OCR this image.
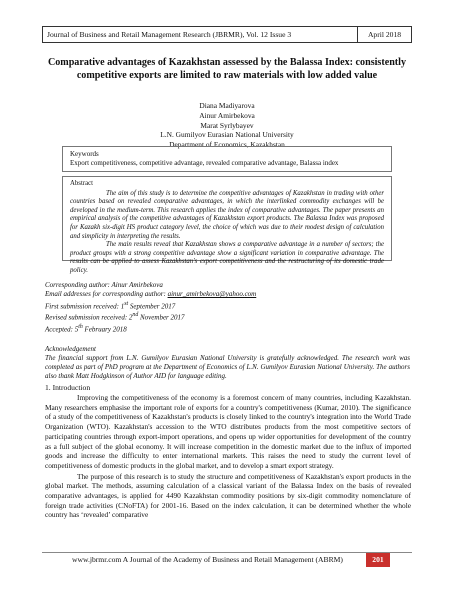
Journal of Business and Retail Management Research (JBRMR), Vol. 12 Issue 3	April 2018
Comparative advantages of Kazakhstan assessed by the Balassa Index: consistently competitive exports are limited to raw materials with low added value
Diana Madiyarova
Ainur Amirbekova
Marat Syrlybayev
L.N. Gumilyov Eurasian National University
Department of Economics, Kazakhstan
Keywords
Export competitiveness, competitive advantage, revealed comparative advantage, Balassa index
Abstract

The aim of this study is to determine the competitive advantages of Kazakhstan in trading with other countries based on revealed comparative advantages, in which the interlinked commodity exchanges will be developed in the medium-term. This research applies the index of comparative advantages. The paper presents an empirical analysis of the competitive advantages of Kazakhstan export products. The Balassa Index was proposed for Kazakh six-digit HS product category level, the choice of which was due to their modest design of calculation and simplicity in interpreting the results.

The main results reveal that Kazakhstan shows a comparative advantage in a number of sectors; the product groups with a strong competitive advantage show a significant variation in comparative advantage. The results can be applied to assess Kazakhstan's export competitiveness and the restructuring of its domestic trade policy.

Corresponding author: Ainur Amirbekova
Email addresses for corresponding author: ainur_amirbekova@yahoo.com
First submission received: 1st September 2017
Revised submission received: 2nd November 2017
Accepted: 5th February 2018
Acknowledgement
The financial support from L.N. Gumilyov Eurasian National University is gratefully acknowledged. The research work was completed as part of PhD program at the Department of Economics of L.N. Gumilyov Eurasian National University. The authors also thank Matt Hodgkinson of Author AID for language editing.
1. Introduction

Improving the competitiveness of the economy is a foremost concern of many countries, including Kazakhstan. Many researchers emphasise the important role of exports for a country's competitiveness (Kumar, 2010). The significance of a study of the competitiveness of Kazakhstan's products is closely linked to the country's integration into the World Trade Organization (WTO). Kazakhstan's accession to the WTO distributes products from the most competitive sectors of participating countries through export-import operations, and opens up wider opportunities for development of the country as a full subject of the global economy. It will increase competition in the domestic market due to the influx of imported goods and increase the difficulty to enter international markets. This raises the need to study the current level of competitiveness of domestic products in the global market, and to develop a smart export strategy.

The purpose of this research is to study the structure and competitiveness of Kazakhstan's export products in the global market. The methods, assuming calculation of a classical variant of the Balassa Index on the basis of revealed comparative advantages, is applied for 4490 Kazakhstan commodity positions by six-digit commodity nomenclature of foreign trade activities (CNoFTA) for 2001-16. Based on the index calculation, it can be determined whether the whole country has ‘revealed’ comparative

www.jbrmr.com A Journal of the Academy of Business and Retail Management (ABRM)	201
